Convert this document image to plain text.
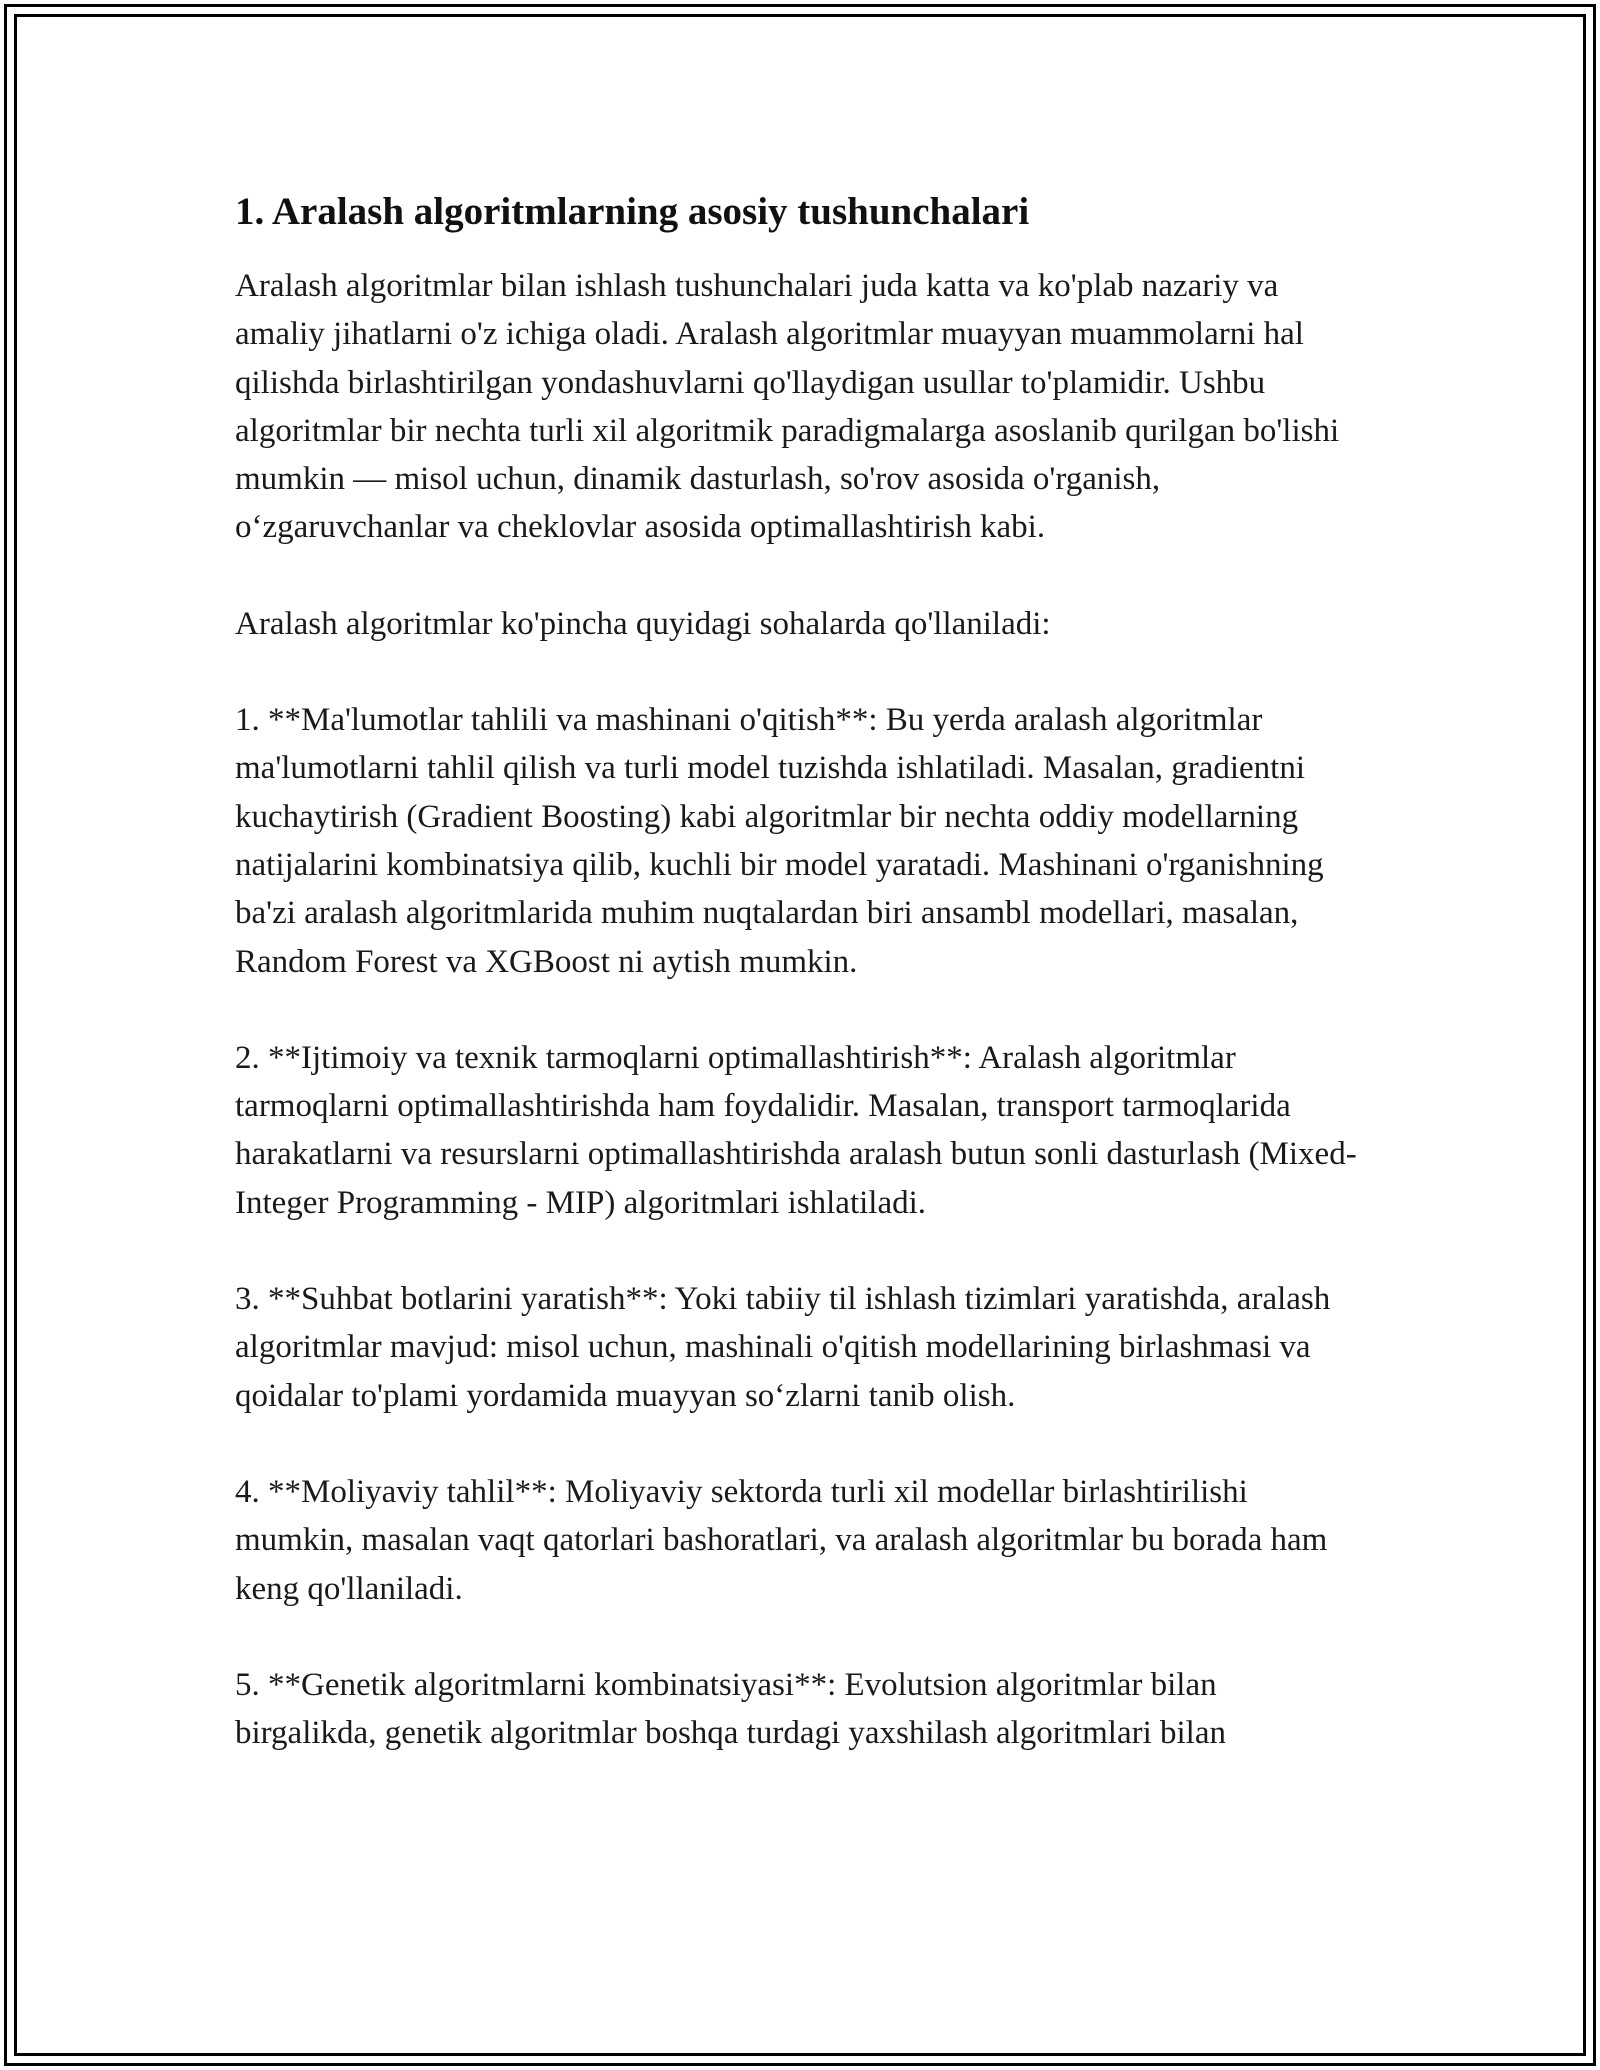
1. Aralash algoritmlarning asosiy tushunchalari

Aralash algoritmlar bilan ishlash tushunchalari juda katta va ko'plab nazariy va amaliy jihatlarni o'z ichiga oladi. Aralash algoritmlar muayyan muammolarni hal qilishda birlashtirilgan yondashuvlarni qo'llaydigan usullar to'plamidir. Ushbu algoritmlar bir nechta turli xil algoritmik paradigmalarga asoslanib qurilgan bo'lishi mumkin — misol uchun, dinamik dasturlash, so'rov asosida o'rganish, o‘zgaruvchanlar va cheklovlar asosida optimallashtirish kabi.

Aralash algoritmlar ko'pincha quyidagi sohalarda qo'llaniladi:

1. **Ma'lumotlar tahlili va mashinani o'qitish**: Bu yerda aralash algoritmlar ma'lumotlarni tahlil qilish va turli model tuzishda ishlatiladi. Masalan, gradientni kuchaytirish (Gradient Boosting) kabi algoritmlar bir nechta oddiy modellarning natijalarini kombinatsiya qilib, kuchli bir model yaratadi. Mashinani o'rganishning ba'zi aralash algoritmlarida muhim nuqtalardan biri ansambl modellari, masalan, Random Forest va XGBoost ni aytish mumkin.

2. **Ijtimoiy va texnik tarmoqlarni optimallashtirish**: Aralash algoritmlar tarmoqlarni optimallashtirishda ham foydalidir. Masalan, transport tarmoqlarida harakatlarni va resurslarni optimallashtirishda aralash butun sonli dasturlash (Mixed-Integer Programming - MIP) algoritmlari ishlatiladi.

3. **Suhbat botlarini yaratish**: Yoki tabiiy til ishlash tizimlari yaratishda, aralash algoritmlar mavjud: misol uchun, mashinali o'qitish modellarining birlashmasi va qoidalar to'plami yordamida muayyan so‘zlarni tanib olish.

4. **Moliyaviy tahlil**: Moliyaviy sektorda turli xil modellar birlashtirilishi mumkin, masalan vaqt qatorlari bashoratlari, va aralash algoritmlar bu borada ham keng qo'llaniladi.

5. **Genetik algoritmlarni kombinatsiyasi**: Evolutsion algoritmlar bilan birgalikda, genetik algoritmlar boshqa turdagi yaxshilash algoritmlari bilan
